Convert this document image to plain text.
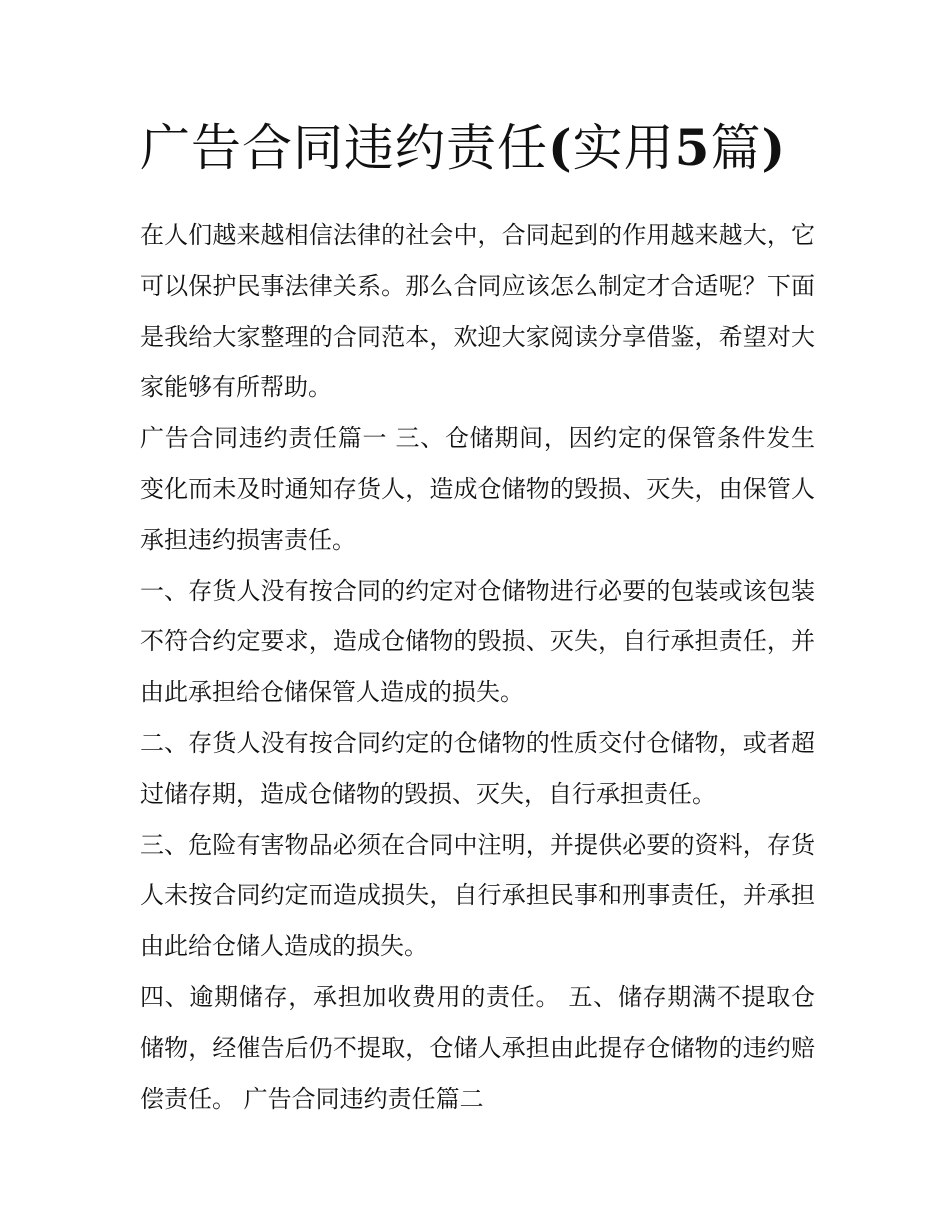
广告合同违约责任(实用5篇)

在人们越来越相信法律的社会中，合同起到的作用越来越大，它可以保护民事法律关系。那么合同应该怎么制定才合适呢？下面是我给大家整理的合同范本，欢迎大家阅读分享借鉴，希望对大家能够有所帮助。

广告合同违约责任篇一 三、仓储期间，因约定的保管条件发生变化而未及时通知存货人，造成仓储物的毁损、灭失，由保管人承担违约损害责任。

一、存货人没有按合同的约定对仓储物进行必要的包装或该包装不符合约定要求，造成仓储物的毁损、灭失，自行承担责任，并由此承担给仓储保管人造成的损失。

二、存货人没有按合同约定的仓储物的性质交付仓储物，或者超过储存期，造成仓储物的毁损、灭失，自行承担责任。

三、危险有害物品必须在合同中注明，并提供必要的资料，存货人未按合同约定而造成损失，自行承担民事和刑事责任，并承担由此给仓储人造成的损失。

四、逾期储存，承担加收费用的责任。 五、储存期满不提取仓储物，经催告后仍不提取，仓储人承担由此提存仓储物的违约赔偿责任。 广告合同违约责任篇二
